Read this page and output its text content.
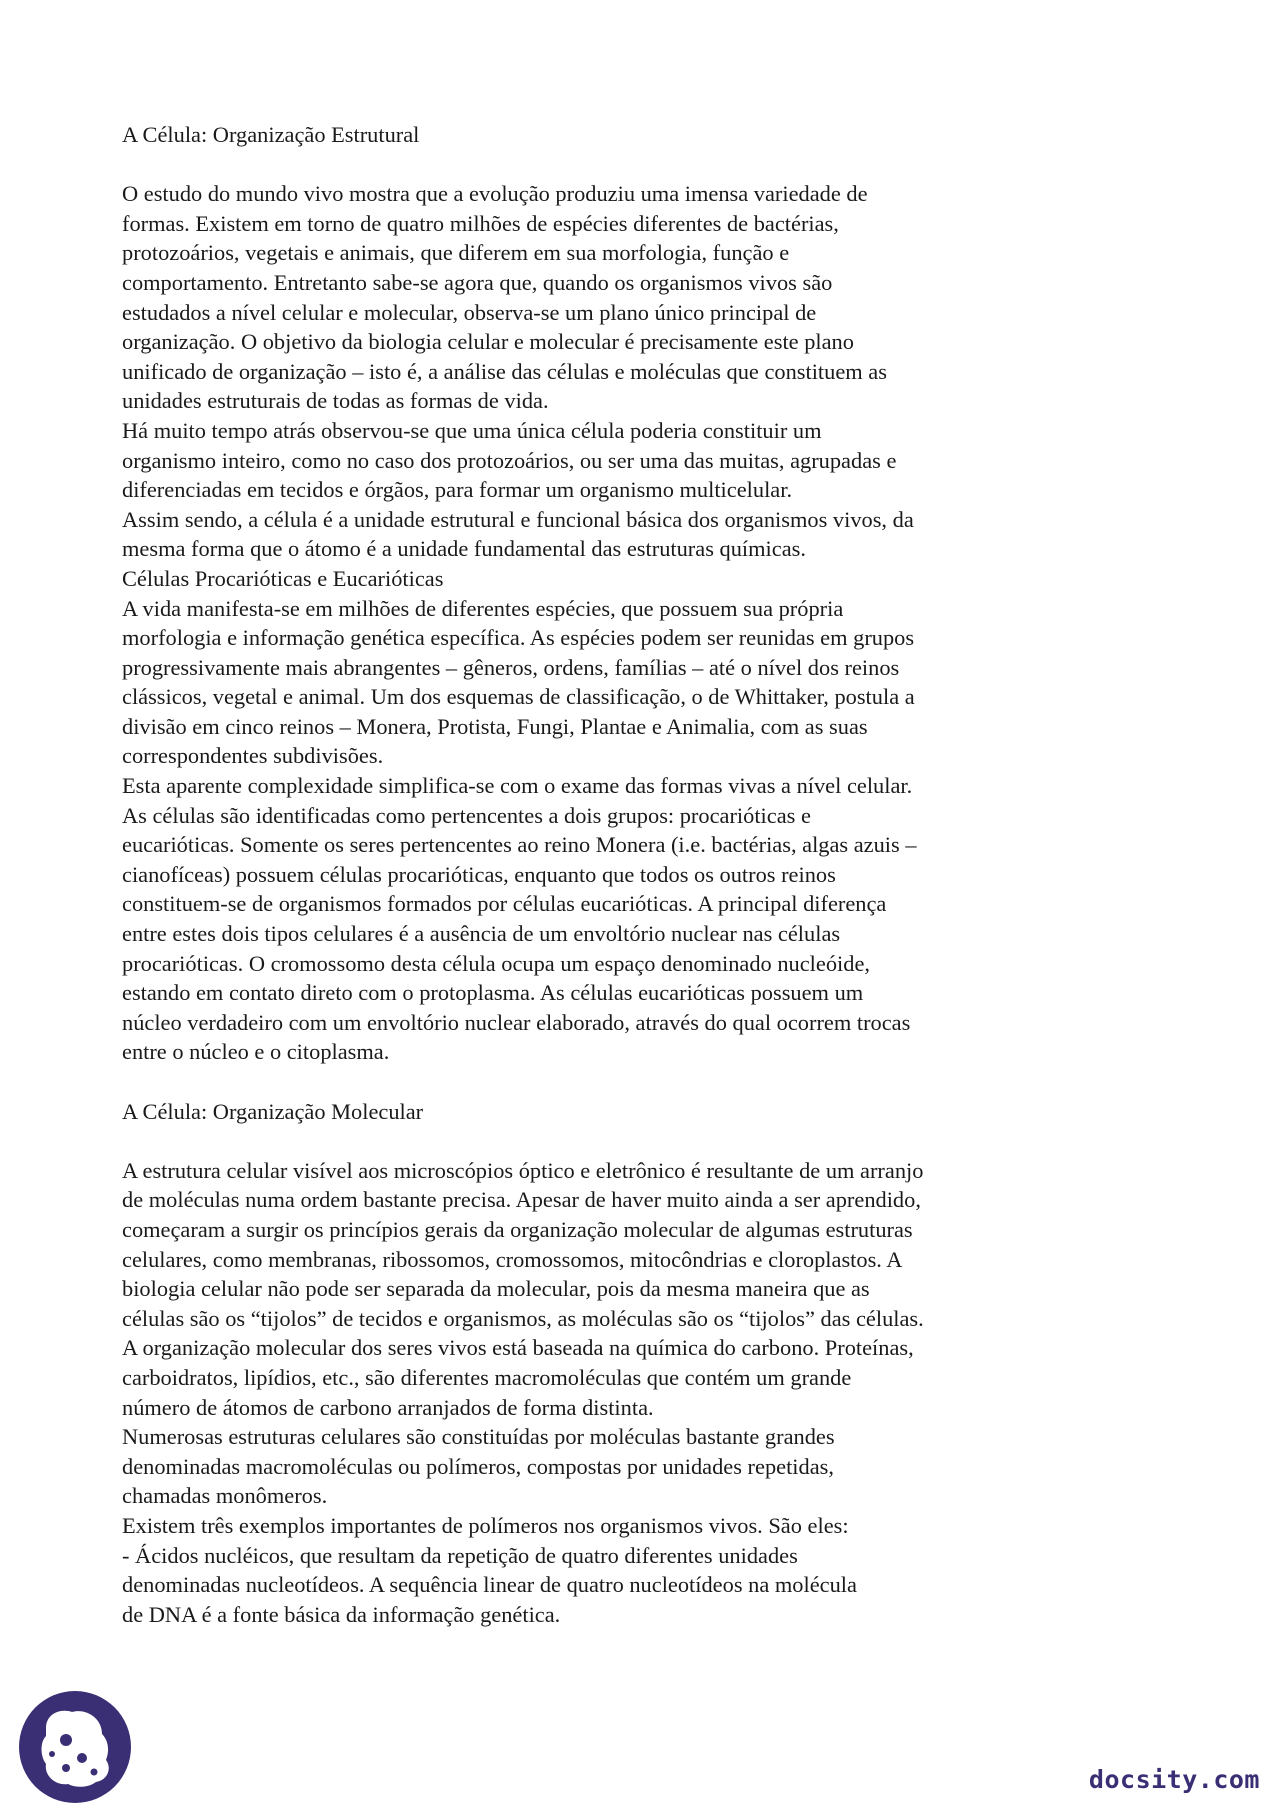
A Célula: Organização Estrutural

O estudo do mundo vivo mostra que a evolução produziu uma imensa variedade de
formas. Existem em torno de quatro milhões de espécies diferentes de bactérias,
protozoários, vegetais e animais, que diferem em sua morfologia, função e
comportamento. Entretanto sabe-se agora que, quando os organismos vivos são
estudados a nível celular e molecular, observa-se um plano único principal de
organização. O objetivo da biologia celular e molecular é precisamente este plano
unificado de organização – isto é, a análise das células e moléculas que constituem as
unidades estruturais de todas as formas de vida.

Há muito tempo atrás observou-se que uma única célula poderia constituir um
organismo inteiro, como no caso dos protozoários, ou ser uma das muitas, agrupadas e
diferenciadas em tecidos e órgãos, para formar um organismo multicelular.

Assim sendo, a célula é a unidade estrutural e funcional básica dos organismos vivos, da
mesma forma que o átomo é a unidade fundamental das estruturas químicas.

Células Procarióticas e Eucarióticas

A vida manifesta-se em milhões de diferentes espécies, que possuem sua própria
morfologia e informação genética específica. As espécies podem ser reunidas em grupos
progressivamente mais abrangentes – gêneros, ordens, famílias – até o nível dos reinos
clássicos, vegetal e animal. Um dos esquemas de classificação, o de Whittaker, postula a
divisão em cinco reinos – Monera, Protista, Fungi, Plantae e Animalia, com as suas
correspondentes subdivisões.

Esta aparente complexidade simplifica-se com o exame das formas vivas a nível celular.
As células são identificadas como pertencentes a dois grupos: procarióticas e
eucarióticas. Somente os seres pertencentes ao reino Monera (i.e. bactérias, algas azuis –
cianofíceas) possuem células procarióticas, enquanto que todos os outros reinos
constituem-se de organismos formados por células eucarióticas. A principal diferença
entre estes dois tipos celulares é a ausência de um envoltório nuclear nas células
procarióticas. O cromossomo desta célula ocupa um espaço denominado nucleóide,
estando em contato direto com o protoplasma. As células eucarióticas possuem um
núcleo verdadeiro com um envoltório nuclear elaborado, através do qual ocorrem trocas
entre o núcleo e o citoplasma.

A Célula: Organização Molecular

A estrutura celular visível aos microscópios óptico e eletrônico é resultante de um arranjo
de moléculas numa ordem bastante precisa. Apesar de haver muito ainda a ser aprendido,
começaram a surgir os princípios gerais da organização molecular de algumas estruturas
celulares, como membranas, ribossomos, cromossomos, mitocôndrias e cloroplastos. A
biologia celular não pode ser separada da molecular, pois da mesma maneira que as
células são os “tijolos” de tecidos e organismos, as moléculas são os “tijolos” das células.

A organização molecular dos seres vivos está baseada na química do carbono. Proteínas,
carboidratos, lipídios, etc., são diferentes macromoléculas que contém um grande
número de átomos de carbono arranjados de forma distinta.

Numerosas estruturas celulares são constituídas por moléculas bastante grandes
denominadas macromoléculas ou polímeros, compostas por unidades repetidas,
chamadas monômeros.

Existem três exemplos importantes de polímeros nos organismos vivos. São eles:

- Ácidos nucléicos, que resultam da repetição de quatro diferentes unidades
denominadas nucleotídeos. A sequência linear de quatro nucleotídeos na molécula
de DNA é a fonte básica da informação genética.

docsity.com
